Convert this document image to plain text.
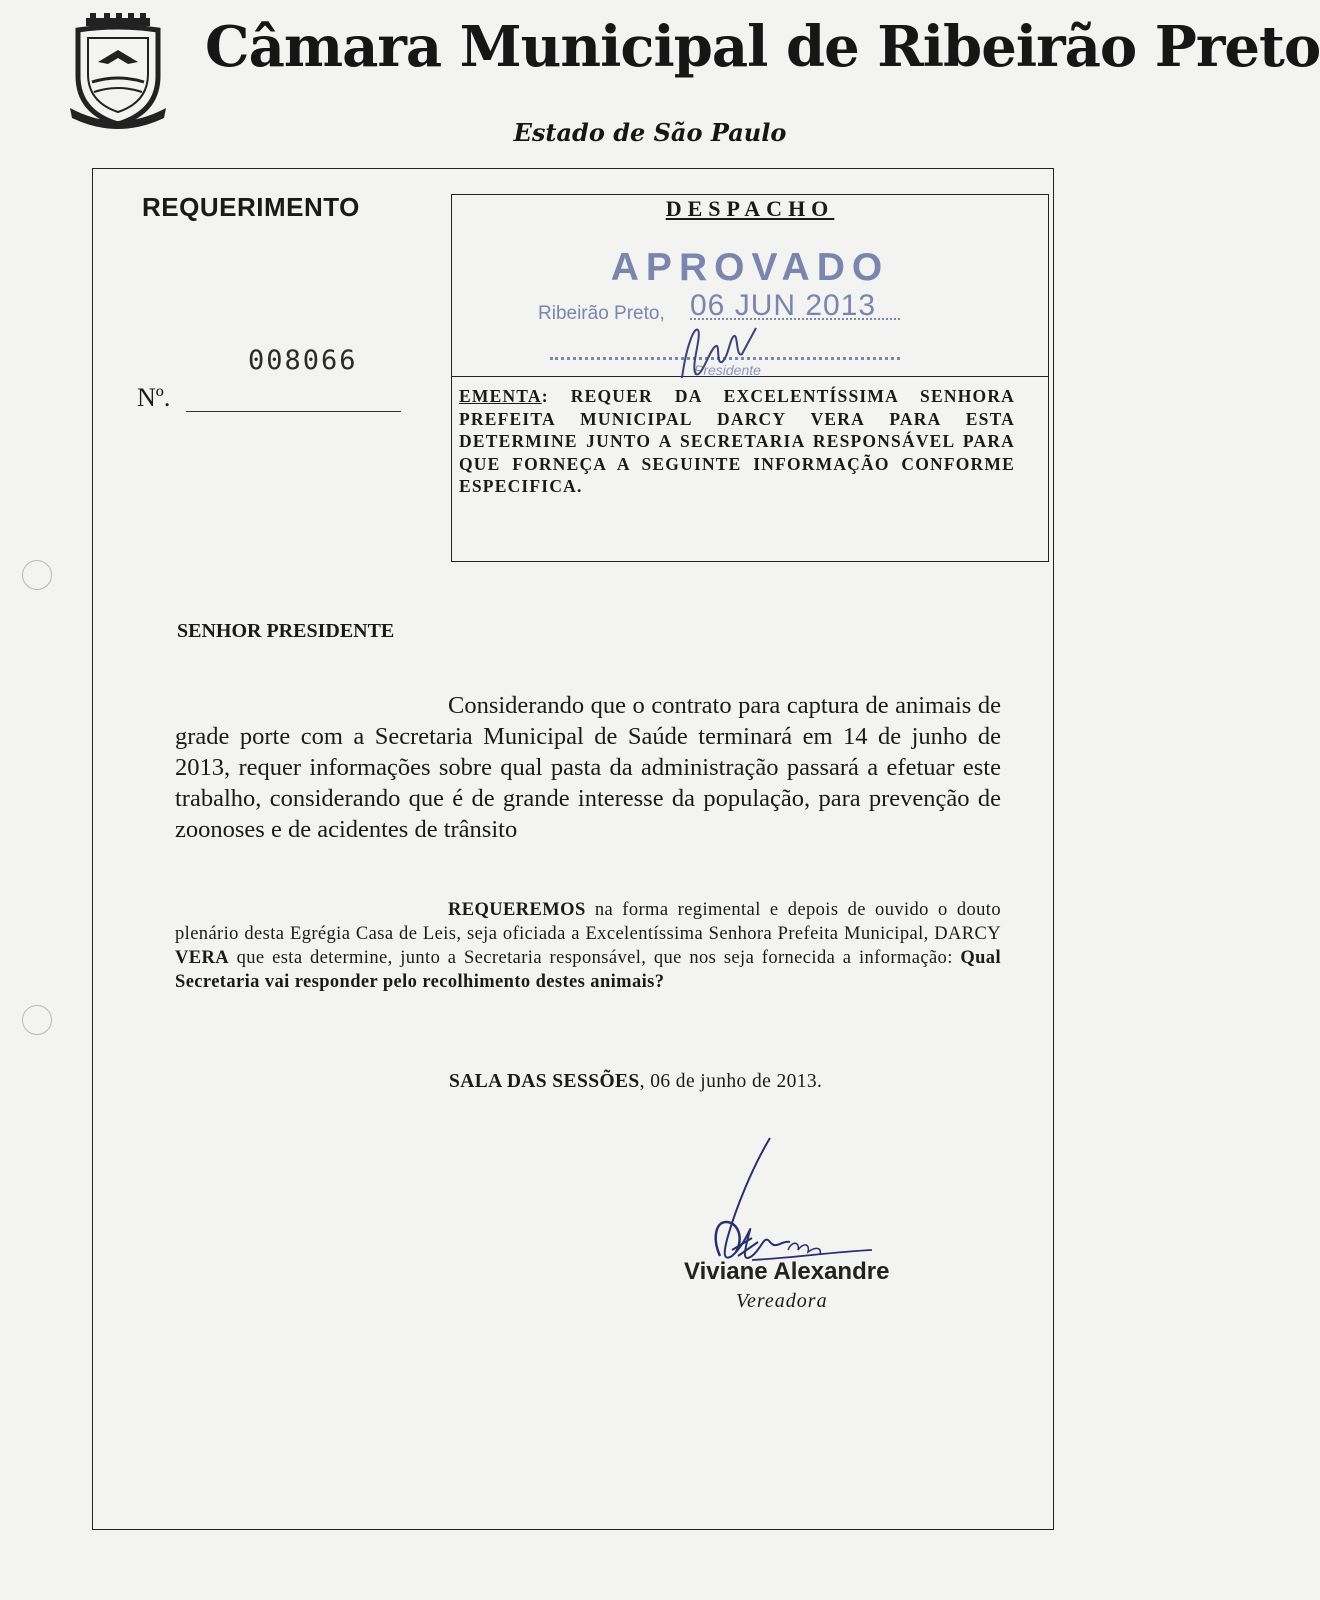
Câmara Municipal de Ribeirão Preto
Estado de São Paulo
REQUERIMENTO
008066
Nº.
DESPACHO
APROVADO
Ribeirão Preto, 06 JUN 2013
Presidente
EMENTA: REQUER DA EXCELENTÍSSIMA SENHORA PREFEITA MUNICIPAL DARCY VERA PARA ESTA DETERMINE JUNTO A SECRETARIA RESPONSÁVEL PARA QUE FORNEÇA A SEGUINTE INFORMAÇÃO CONFORME ESPECIFICA.
SENHOR PRESIDENTE
Considerando que o contrato para captura de animais de grade porte com a Secretaria Municipal de Saúde terminará em 14 de junho de 2013, requer informações sobre qual pasta da administração passará a efetuar este trabalho, considerando que é de grande interesse da população, para prevenção de zoonoses e de acidentes de trânsito
REQUEREMOS na forma regimental e depois de ouvido o douto plenário desta Egrégia Casa de Leis, seja oficiada a Excelentíssima Senhora Prefeita Municipal, DARCY VERA que esta determine, junto a Secretaria responsável, que nos seja fornecida a informação: Qual Secretaria vai responder pelo recolhimento destes animais?
SALA DAS SESSÕES, 06 de junho de 2013.
Viviane Alexandre
Vereadora
